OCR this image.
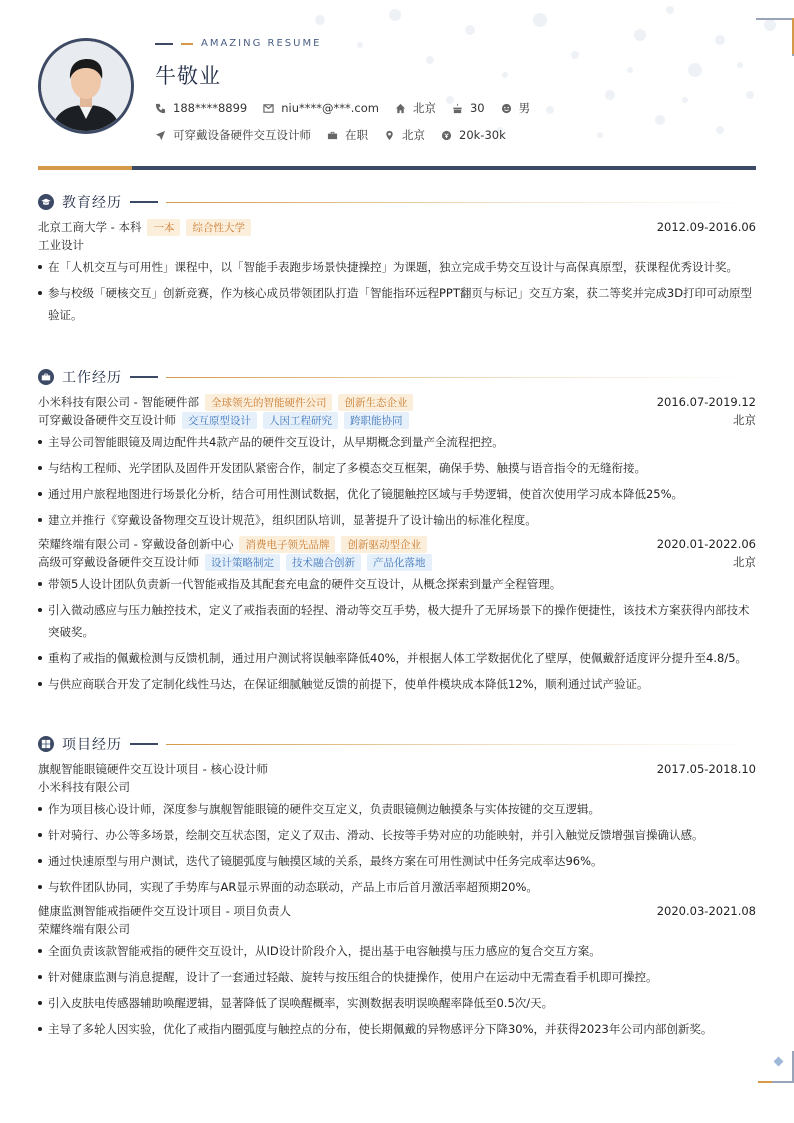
AMAZING RESUME
牛敬业
188****8899	niu****@***.com	北京	30	男
可穿戴设备硬件交互设计师	在职	北京	20k-30k
教育经历
北京工商大学 - 本科	一本	综合性大学	2012.09-2016.06
工业设计
在「人机交互与可用性」课程中，以「智能手表跑步场景快捷操控」为课题，独立完成手势交互设计与高保真原型，获课程优秀设计奖。
参与校级「硬核交互」创新竞赛，作为核心成员带领团队打造「智能指环远程PPT翻页与标记」交互方案，获二等奖并完成3D打印可动原型验证。
工作经历
小米科技有限公司 - 智能硬件部	全球领先的智能硬件公司	创新生态企业	2016.07-2019.12
可穿戴设备硬件交互设计师	交互原型设计	人因工程研究	跨职能协同	北京
主导公司智能眼镜及周边配件共4款产品的硬件交互设计，从早期概念到量产全流程把控。
与结构工程师、光学团队及固件开发团队紧密合作，制定了多模态交互框架，确保手势、触摸与语音指令的无缝衔接。
通过用户旅程地图进行场景化分析，结合可用性测试数据，优化了镜腿触控区域与手势逻辑，使首次使用学习成本降低25%。
建立并推行《穿戴设备物理交互设计规范》，组织团队培训，显著提升了设计输出的标准化程度。
荣耀终端有限公司 - 穿戴设备创新中心	消费电子领先品牌	创新驱动型企业	2020.01-2022.06
高级可穿戴设备硬件交互设计师	设计策略制定	技术融合创新	产品化落地	北京
带领5人设计团队负责新一代智能戒指及其配套充电盒的硬件交互设计，从概念探索到量产全程管理。
引入微动感应与压力触控技术，定义了戒指表面的轻捏、滑动等交互手势，极大提升了无屏场景下的操作便捷性，该技术方案获得内部技术突破奖。
重构了戒指的佩戴检测与反馈机制，通过用户测试将误触率降低40%，并根据人体工学数据优化了壁厚，使佩戴舒适度评分提升至4.8/5。
与供应商联合开发了定制化线性马达，在保证细腻触觉反馈的前提下，使单件模块成本降低12%，顺利通过试产验证。
项目经历
旗舰智能眼镜硬件交互设计项目 - 核心设计师	2017.05-2018.10
小米科技有限公司
作为项目核心设计师，深度参与旗舰智能眼镜的硬件交互定义，负责眼镜侧边触摸条与实体按键的交互逻辑。
针对骑行、办公等多场景，绘制交互状态图，定义了双击、滑动、长按等手势对应的功能映射，并引入触觉反馈增强盲操确认感。
通过快速原型与用户测试，迭代了镜腿弧度与触摸区域的关系，最终方案在可用性测试中任务完成率达96%。
与软件团队协同，实现了手势库与AR显示界面的动态联动，产品上市后首月激活率超预期20%。
健康监测智能戒指硬件交互设计项目 - 项目负责人	2020.03-2021.08
荣耀终端有限公司
全面负责该款智能戒指的硬件交互设计，从ID设计阶段介入，提出基于电容触摸与压力感应的复合交互方案。
针对健康监测与消息提醒，设计了一套通过轻敲、旋转与按压组合的快捷操作，使用户在运动中无需查看手机即可操控。
引入皮肤电传感器辅助唤醒逻辑，显著降低了误唤醒概率，实测数据表明误唤醒率降低至0.5次/天。
主导了多轮人因实验，优化了戒指内圈弧度与触控点的分布，使长期佩戴的异物感评分下降30%，并获得2023年公司内部创新奖。
